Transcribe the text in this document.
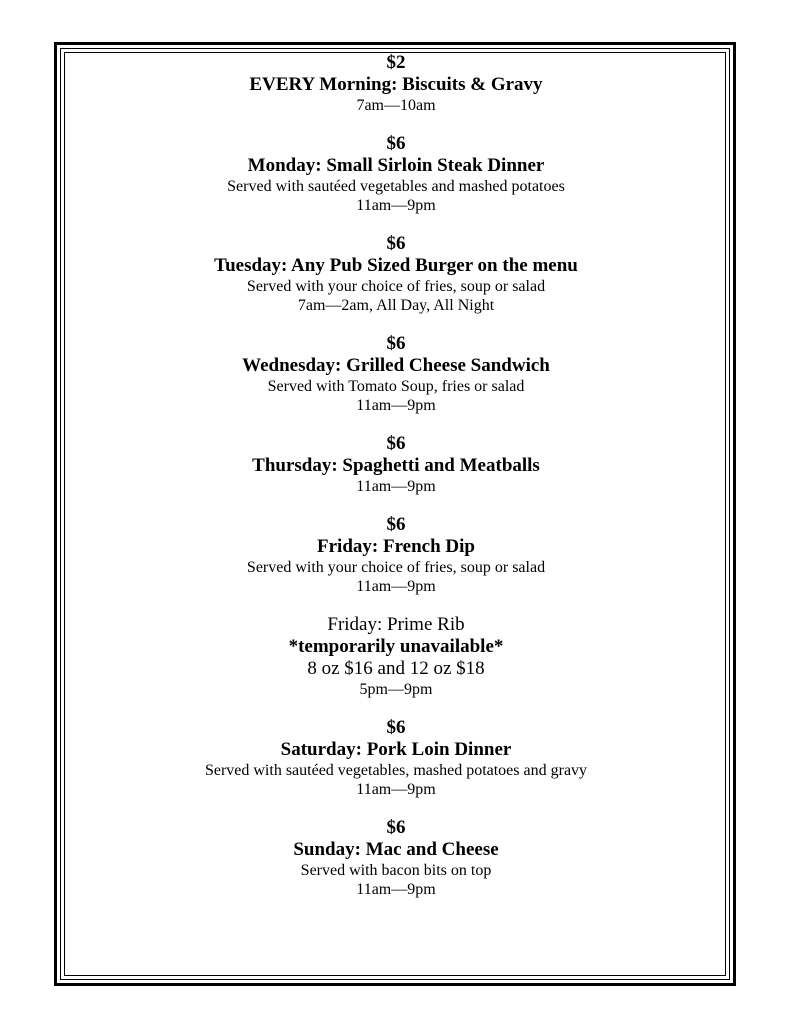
$2
EVERY Morning: Biscuits & Gravy
7am—10am
$6
Monday: Small Sirloin Steak Dinner
Served with sautéed vegetables and mashed potatoes
11am—9pm
$6
Tuesday: Any Pub Sized Burger on the menu
Served with your choice of fries, soup or salad
7am—2am, All Day, All Night
$6
Wednesday: Grilled Cheese Sandwich
Served with Tomato Soup, fries or salad
11am—9pm
$6
Thursday: Spaghetti and Meatballs
11am—9pm
$6
Friday: French Dip
Served with your choice of fries, soup or salad
11am—9pm
Friday: Prime Rib
*temporarily unavailable*
8 oz $16 and 12 oz $18
5pm—9pm
$6
Saturday: Pork Loin Dinner
Served with sautéed vegetables, mashed potatoes and gravy
11am—9pm
$6
Sunday: Mac and Cheese
Served with bacon bits on top
11am—9pm
